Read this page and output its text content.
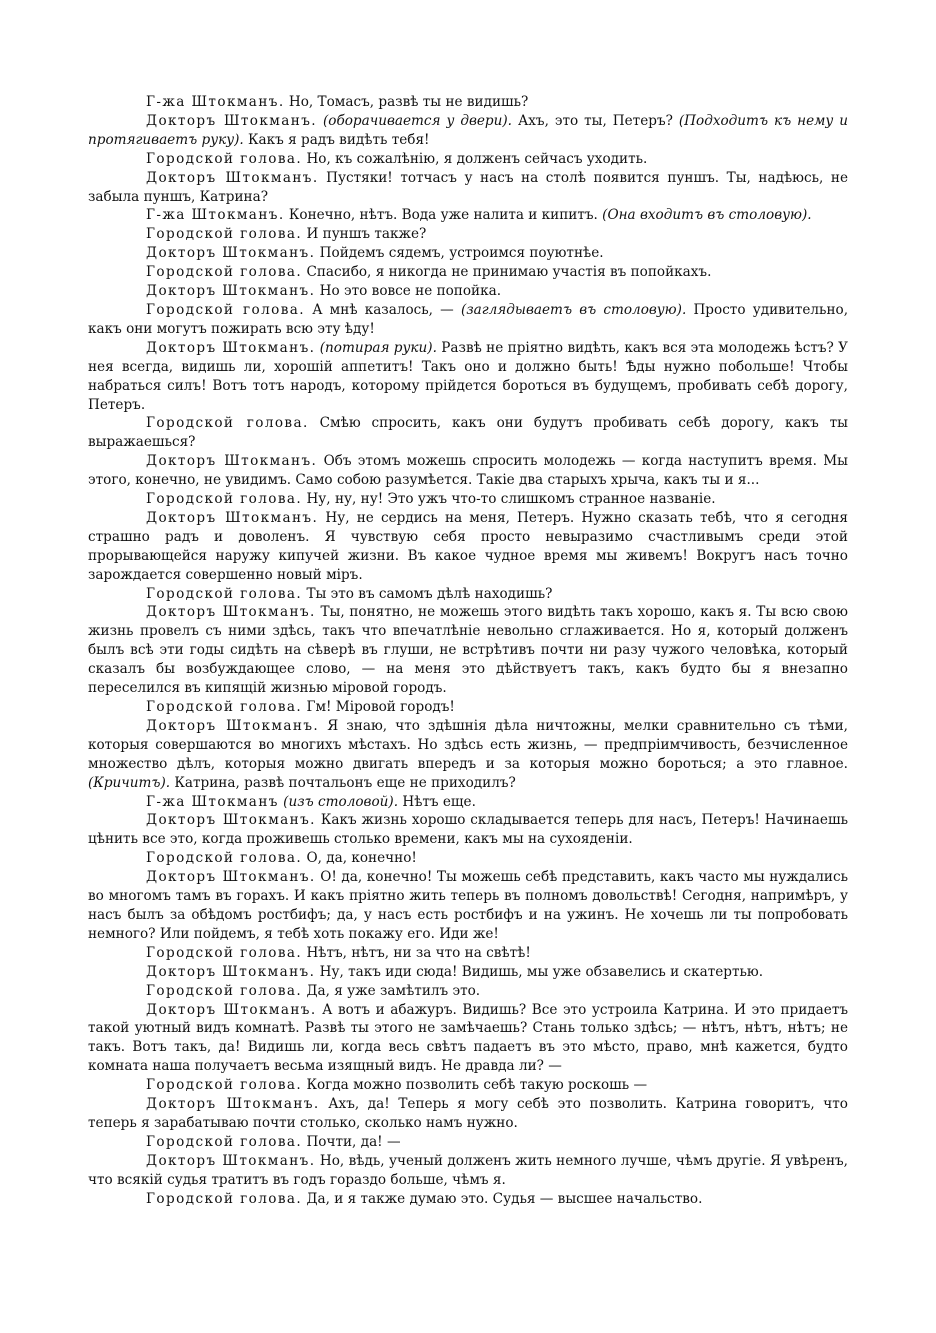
Г-жа Штокманъ. Но, Томасъ, развѣ ты не видишь?

Докторъ Штокманъ. (оборачивается у двери). Ахъ, это ты, Петеръ? (Подходитъ къ нему и протягиваетъ руку). Какъ я радъ видѣть тебя!

Городской голова. Но, къ сожалѣнію, я долженъ сейчасъ уходить.

Докторъ Штокманъ. Пустяки! тотчасъ у насъ на столѣ появится пуншъ. Ты, надѣюсь, не забыла пуншъ, Катрина?

Г-жа Штокманъ. Конечно, нѣтъ. Вода уже налита и кипитъ. (Она входитъ въ столовую).

Городской голова. И пуншъ также?

Докторъ Штокманъ. Пойдемъ сядемъ, устроимся поуютнѣе.

Городской голова. Спасибо, я никогда не принимаю участія въ попойкахъ.

Докторъ Штокманъ. Но это вовсе не попойка.

Городской голова. А мнѣ казалось, — (заглядываетъ въ столовую). Просто удивительно, какъ они могутъ пожирать всю эту ѣду!

Докторъ Штокманъ. (потирая руки). Развѣ не пріятно видѣть, какъ вся эта молодежь ѣстъ? У нея всегда, видишь ли, хорошій аппетитъ! Такъ оно и должно быть! Ѣды нужно побольше! Чтобы набраться силъ! Вотъ тотъ народъ, которому прійдется бороться въ будущемъ, пробивать себѣ дорогу, Петеръ.

Городской голова. Смѣю спросить, какъ они будутъ пробивать себѣ дорогу, какъ ты выражаешься?

Докторъ Штокманъ. Объ этомъ можешь спросить молодежь — когда наступитъ время. Мы этого, конечно, не увидимъ. Само собою разумѣется. Такіе два старыхъ хрыча, какъ ты и я...

Городской голова. Ну, ну, ну! Это ужъ что-то слишкомъ странное названіе.

Докторъ Штокманъ. Ну, не сердись на меня, Петеръ. Нужно сказать тебѣ, что я сегодня страшно радъ и доволенъ. Я чувствую себя просто невыразимо счастливымъ среди этой прорывающейся наружу кипучей жизни. Въ какое чудное время мы живемъ! Вокругъ насъ точно зарождается совершенно новый міръ.

Городской голова. Ты это въ самомъ дѣлѣ находишь?

Докторъ Штокманъ. Ты, понятно, не можешь этого видѣть такъ хорошо, какъ я. Ты всю свою жизнь провелъ съ ними здѣсь, такъ что впечатлѣніе невольно сглаживается. Но я, который долженъ былъ всѣ эти годы сидѣть на сѣверѣ въ глуши, не встрѣтивъ почти ни разу чужого человѣка, который сказалъ бы возбуждающее слово, — на меня это дѣйствуетъ такъ, какъ будто бы я внезапно переселился въ кипящій жизнью міровой городъ.

Городской голова. Гм! Міровой городъ!

Докторъ Штокманъ. Я знаю, что здѣшнія дѣла ничтожны, мелки сравнительно съ тѣми, которыя совершаются во многихъ мѣстахъ. Но здѣсь есть жизнь, — предпріимчивость, безчисленное множество дѣлъ, которыя можно двигать впередъ и за которыя можно бороться; а это главное. (Кричитъ). Катрина, развѣ почтальонъ еще не приходилъ?

Г-жа Штокманъ (изъ столовой). Нѣтъ еще.

Докторъ Штокманъ. Какъ жизнь хорошо складывается теперь для насъ, Петеръ! Начинаешь цѣнить все это, когда проживешь столько времени, какъ мы на сухояденіи.

Городской голова. О, да, конечно!

Докторъ Штокманъ. О! да, конечно! Ты можешь себѣ представить, какъ часто мы нуждались во многомъ тамъ въ горахъ. И какъ пріятно жить теперь въ полномъ довольствѣ! Сегодня, напримѣръ, у насъ былъ за обѣдомъ ростбифъ; да, у насъ есть ростбифъ и на ужинъ. Не хочешь ли ты попробовать немного? Или пойдемъ, я тебѣ хоть покажу его. Иди же!

Городской голова. Нѣтъ, нѣтъ, ни за что на свѣтѣ!

Докторъ Штокманъ. Ну, такъ иди сюда! Видишь, мы уже обзавелись и скатертью.

Городской голова. Да, я уже замѣтилъ это.

Докторъ Штокманъ. А вотъ и абажуръ. Видишь? Все это устроила Катрина. И это придаетъ такой уютный видъ комнатѣ. Развѣ ты этого не замѣчаешь? Стань только здѣсь; — нѣтъ, нѣтъ, нѣтъ; не такъ. Вотъ такъ, да! Видишь ли, когда весь свѣтъ падаетъ въ это мѣсто, право, мнѣ кажется, будто комната наша получаетъ весьма изящный видъ. Не дравда ли? —

Городской голова. Когда можно позволить себѣ такую роскошь —

Докторъ Штокманъ. Ахъ, да! Теперь я могу себѣ это позволить. Катрина говоритъ, что теперь я зарабатываю почти столько, сколько намъ нужно.

Городской голова. Почти, да! —

Докторъ Штокманъ. Но, вѣдь, ученый долженъ жить немного лучше, чѣмъ другіе. Я увѣренъ, что всякій судья тратитъ въ годъ гораздо больше, чѣмъ я.

Городской голова. Да, и я также думаю это. Судья — высшее начальство.
